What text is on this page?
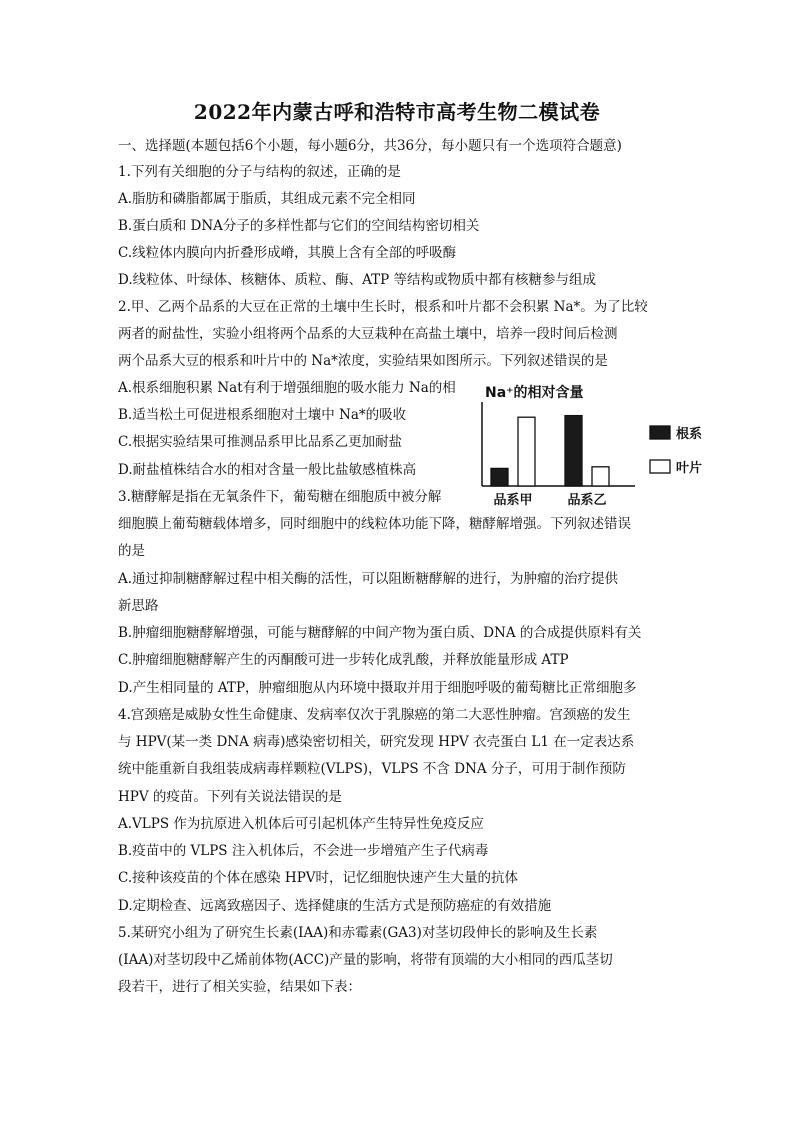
2022年内蒙古呼和浩特市高考生物二模试卷
一、选择题(本题包括6个小题，每小题6分，共36分，每小题只有一个选项符合题意)
1.下列有关细胞的分子与结构的叙述，正确的是
A.脂肪和磷脂都属于脂质，其组成元素不完全相同
B.蛋白质和 DNA分子的多样性都与它们的空间结构密切相关
C.线粒体内膜向内折叠形成嵴，其膜上含有全部的呼吸酶
D.线粒体、叶绿体、核糖体、质粒、酶、ATP 等结构或物质中都有核糖参与组成
2.甲、乙两个品系的大豆在正常的土壤中生长时，根系和叶片都不会积累 Na*。为了比较
两者的耐盐性，实验小组将两个品系的大豆栽种在高盐土壤中，培养一段时间后检测
两个品系大豆的根系和叶片中的 Na*浓度，实验结果如图所示。下列叙述错误的是
A.根系细胞积累 Nat有利于增强细胞的吸水能力 Na的相
B.适当松土可促进根系细胞对土壤中 Na*的吸收
C.根据实验结果可推测品系甲比品系乙更加耐盐
D.耐盐植株结合水的相对含量一般比盐敏感植株高
3.糖酵解是指在无氧条件下，葡萄糖在细胞质中被分解
细胞膜上葡萄糖载体增多，同时细胞中的线粒体功能下降，糖酵解增强。下列叙述错误
的是
A.通过抑制糖酵解过程中相关酶的活性，可以阻断糖酵解的进行，为肿瘤的治疗提供
新思路
B.肿瘤细胞糖酵解增强，可能与糖酵解的中间产物为蛋白质、DNA 的合成提供原料有关
C.肿瘤细胞糖酵解产生的丙酮酸可进一步转化成乳酸，并释放能量形成 ATP
D.产生相同量的 ATP，肿瘤细胞从内环境中摄取并用于细胞呼吸的葡萄糖比正常细胞多
4.宫颈癌是威胁女性生命健康、发病率仅次于乳腺癌的第二大恶性肿瘤。宫颈癌的发生
与 HPV(某一类 DNA 病毒)感染密切相关，研究发现 HPV 衣壳蛋白 L1 在一定表达系
统中能重新自我组装成病毒样颗粒(VLPS)，VLPS 不含 DNA 分子，可用于制作预防
HPV 的疫苗。下列有关说法错误的是
A.VLPS 作为抗原进入机体后可引起机体产生特异性免疫反应
B.疫苗中的 VLPS 注入机体后，不会进一步增殖产生子代病毒
C.接种该疫苗的个体在感染 HPV时，记忆细胞快速产生大量的抗体
D.定期检查、远离致癌因子、选择健康的生活方式是预防癌症的有效措施
5.某研究小组为了研究生长素(IAA)和赤霉素(GA3)对茎切段伸长的影响及生长素
(IAA)对茎切段中乙烯前体物(ACC)产量的影响，将带有顶端的大小相同的西瓜茎切
段若干，进行了相关实验，结果如下表：
Na⁺的相对含量
品系甲	品系乙
根系
叶片
